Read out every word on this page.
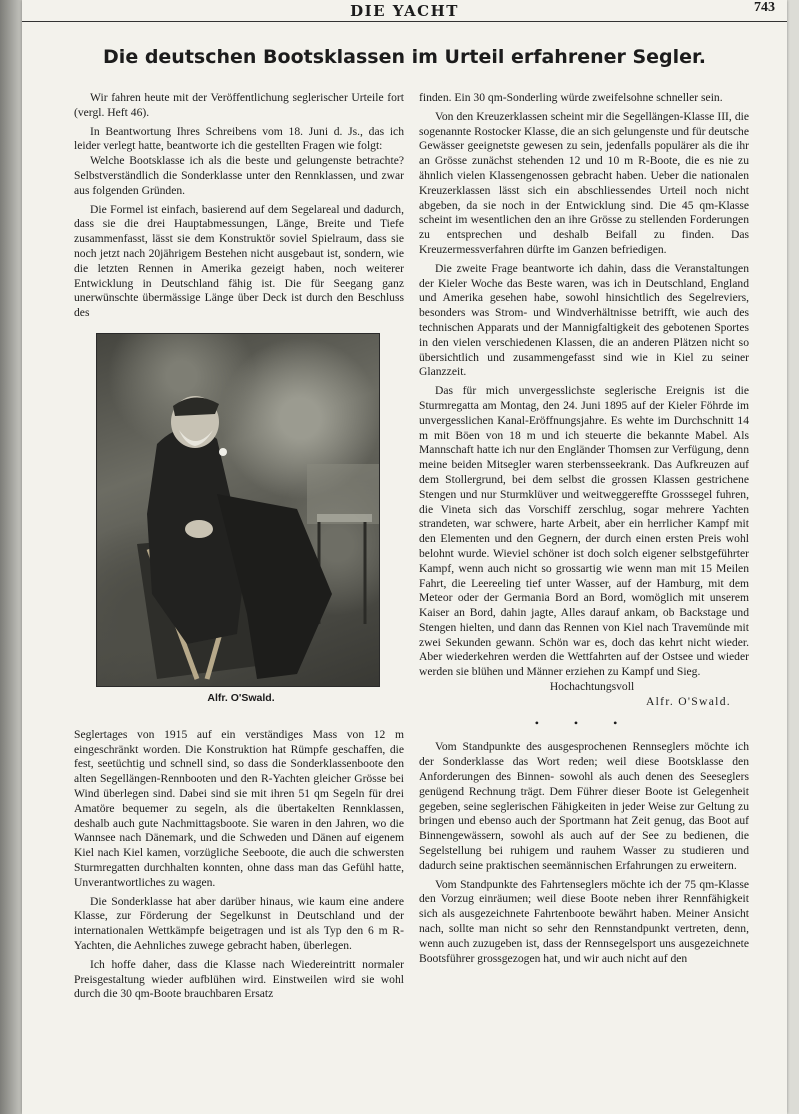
DIE YACHT	743
Die deutschen Bootsklassen im Urteil erfahrener Segler.

Wir fahren heute mit der Veröffentlichung seglerischer Urteile fort (vergl. Heft 46).

In Beantwortung Ihres Schreibens vom 18. Juni d. Js., das ich leider verlegt hatte, beantworte ich die gestellten Fragen wie folgt:

Welche Bootsklasse ich als die beste und gelungenste betrachte? Selbstverständlich die Sonderklasse unter den Rennklassen, und zwar aus folgenden Gründen.

Die Formel ist einfach, basierend auf dem Segelareal und dadurch, dass sie die drei Hauptabmessungen, Länge, Breite und Tiefe zusammenfasst, lässt sie dem Konstruktör soviel Spielraum, dass sie noch jetzt nach 20jährigem Bestehen nicht ausgebaut ist, sondern, wie die letzten Rennen in Amerika gezeigt haben, noch weiterer Entwicklung in Deutschland fähig ist. Die für Seegang ganz unerwünschte übermässige Länge über Deck ist durch den Beschluss des

Alfr. O'Swald.

Seglertages von 1915 auf ein verständiges Mass von 12 m eingeschränkt worden. Die Konstruktion hat Rümpfe geschaffen, die fest, seetüchtig und schnell sind, so dass die Sonderklassenboote den alten Segellängen-Rennbooten und den R-Yachten gleicher Grösse bei Wind überlegen sind. Dabei sind sie mit ihren 51 qm Segeln für drei Amatöre bequemer zu segeln, als die übertakelten Rennklassen, deshalb auch gute Nachmittagsboote. Sie waren in den Jahren, wo die Wannsee nach Dänemark, und die Schweden und Dänen auf eigenem Kiel nach Kiel kamen, vorzügliche Seeboote, die auch die schwersten Sturmregatten durchhalten konnten, ohne dass man das Gefühl hatte, Unverantwortliches zu wagen.

Die Sonderklasse hat aber darüber hinaus, wie kaum eine andere Klasse, zur Förderung der Segelkunst in Deutschland und der internationalen Wettkämpfe beigetragen und ist als Typ den 6 m R-Yachten, die Aehnliches zuwege gebracht haben, überlegen.

Ich hoffe daher, dass die Klasse nach Wiedereintritt normaler Preisgestaltung wieder aufblühen wird. Einstweilen wird sie wohl durch die 30 qm-Boote brauchbaren Ersatz

finden. Ein 30 qm-Sonderling würde zweifelsohne schneller sein.

Von den Kreuzerklassen scheint mir die Segellängen-Klasse III, die sogenannte Rostocker Klasse, die an sich gelungenste und für deutsche Gewässer geeignetste gewesen zu sein, jedenfalls populärer als die ihr an Grösse zunächst stehenden 12 und 10 m R-Boote, die es nie zu ähnlich vielen Klassengenossen gebracht haben. Ueber die nationalen Kreuzerklassen lässt sich ein abschliessendes Urteil noch nicht abgeben, da sie noch in der Entwicklung sind. Die 45 qm-Klasse scheint im wesentlichen den an ihre Grösse zu stellenden Forderungen zu entsprechen und deshalb Beifall zu finden. Das Kreuzermessverfahren dürfte im Ganzen befriedigen.

Die zweite Frage beantworte ich dahin, dass die Veranstaltungen der Kieler Woche das Beste waren, was ich in Deutschland, England und Amerika gesehen habe, sowohl hinsichtlich des Segelreviers, besonders was Strom- und Windverhältnisse betrifft, wie auch des technischen Apparats und der Mannigfaltigkeit des gebotenen Sportes in den vielen verschiedenen Klassen, die an anderen Plätzen nicht so übersichtlich und zusammengefasst sind wie in Kiel zu seiner Glanzzeit.

Das für mich unvergesslichste seglerische Ereignis ist die Sturmregatta am Montag, den 24. Juni 1895 auf der Kieler Föhrde im unvergesslichen Kanal-Eröffnungsjahre. Es wehte im Durchschnitt 14 m mit Böen von 18 m und ich steuerte die bekannte Mabel. Als Mannschaft hatte ich nur den Engländer Thomsen zur Verfügung, denn meine beiden Mitsegler waren sterbensseekrank. Das Aufkreuzen auf dem Stollergrund, bei dem selbst die grossen Klassen gestrichene Stengen und nur Sturmklüver und weitweggereffte Grosssegel fuhren, die Vineta sich das Vorschiff zerschlug, sogar mehrere Yachten strandeten, war schwere, harte Arbeit, aber ein herrlicher Kampf mit den Elementen und den Gegnern, der durch einen ersten Preis wohl belohnt wurde. Wieviel schöner ist doch solch eigener selbstgeführter Kampf, wenn auch nicht so grossartig wie wenn man mit 15 Meilen Fahrt, die Leereeling tief unter Wasser, auf der Hamburg, mit dem Meteor oder der Germania Bord an Bord, womöglich mit unserem Kaiser an Bord, dahin jagte, Alles darauf ankam, ob Backstage und Stengen hielten, und dann das Rennen von Kiel nach Travemünde mit zwei Sekunden gewann. Schön war es, doch das kehrt nicht wieder. Aber wiederkehren werden die Wettfahrten auf der Ostsee und wieder werden sie blühen und Männer erziehen zu Kampf und Sieg.

Hochachtungsvoll

Alfr. O'Swald.

• • •

Vom Standpunkte des ausgesprochenen Rennseglers möchte ich der Sonderklasse das Wort reden; weil diese Bootsklasse den Anforderungen des Binnen- sowohl als auch denen des Seeseglers genügend Rechnung trägt. Dem Führer dieser Boote ist Gelegenheit gegeben, seine seglerischen Fähigkeiten in jeder Weise zur Geltung zu bringen und ebenso auch der Sportmann hat Zeit genug, das Boot auf Binnengewässern, sowohl als auch auf der See zu bedienen, die Segelstellung bei ruhigem und rauhem Wasser zu studieren und dadurch seine praktischen seemännischen Erfahrungen zu erweitern.

Vom Standpunkte des Fahrtenseglers möchte ich der 75 qm-Klasse den Vorzug einräumen; weil diese Boote neben ihrer Rennfähigkeit sich als ausgezeichnete Fahrtenboote bewährt haben. Meiner Ansicht nach, sollte man nicht so sehr den Rennstandpunkt vertreten, denn, wenn auch zuzugeben ist, dass der Rennsegelsport uns ausgezeichnete Bootsführer grossgezogen hat, und wir auch nicht auf den
